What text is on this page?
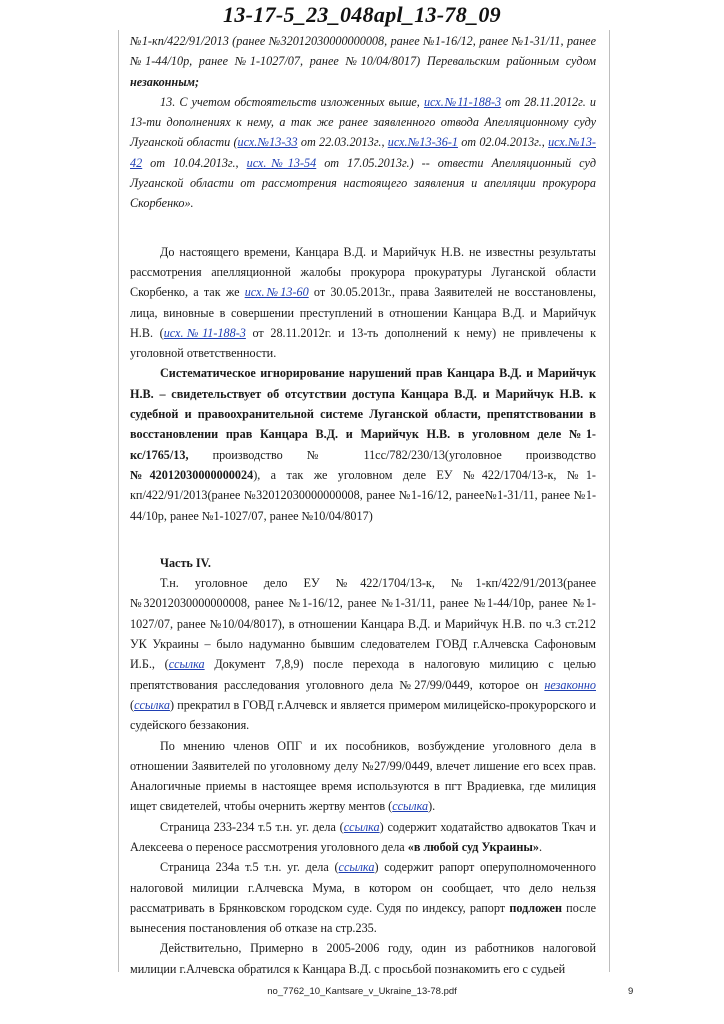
13-17-5_23_048apl_13-78_09

№1-кп/422/91/2013 (ранее №32012030000000008, ранее №1-16/12, ранее №1-31/11, ранее №1-44/10р, ранее №1-1027/07, ранее №10/04/8017) Перевальским районным судом незаконным;

13. С учетом обстоятельств изложенных выше, исх.№11-188-3 от 28.11.2012г. и 13-ти дополнениях к нему, а так же ранее заявленного отвода Апелляционному суду Луганской области (исх.№13-33 от 22.03.2013г., исх.№13-36-1 от 02.04.2013г., исх.№13-42 от 10.04.2013г., исх.№13-54 от 17.05.2013г.) -- отвести Апелляционный суд Луганской области от рассмотрения настоящего заявления и апелляции прокурора Скорбенко».

До настоящего времени, Канцара В.Д. и Марийчук Н.В. не известны результаты рассмотрения апелляционной жалобы прокурора прокуратуры Луганской области Скорбенко, а так же исх.№13-60 от 30.05.2013г., права Заявителей не восстановлены, лица, виновные в совершении преступлений в отношении Канцара В.Д. и Марийчук Н.В. (исх.№11-188-3 от 28.11.2012г. и 13-ть дополнений к нему) не привлечены к уголовной ответственности.

Систематическое игнорирование нарушений прав Канцара В.Д. и Марийчук Н.В. – свидетельствует об отсутствии доступа Канцара В.Д. и Марийчук Н.В. к судебной и правоохранительной системе Луганской области, препятствовании в восстановлении прав Канцара В.Д. и Марийчук Н.В. в уголовном деле №1-кс/1765/13, производство № 11сс/782/230/13(уголовное производство №42012030000000024), а так же уголовном деле ЕУ №422/1704/13-к, №1-кп/422/91/2013(ранее №32012030000000008, ранее №1-16/12, ранее№1-31/11, ранее №1-44/10р, ранее №1-1027/07, ранее №10/04/8017)

Часть IV.

Т.н. уголовное дело ЕУ №422/1704/13-к, №1-кп/422/91/2013(ранее №32012030000000008, ранее №1-16/12, ранее №1-31/11, ранее №1-44/10р, ранее №1-1027/07, ранее №10/04/8017), в отношении Канцара В.Д. и Марийчук Н.В. по ч.3 ст.212 УК Украины – было надуманно бывшим следователем ГОВД г.Алчевска Сафоновым И.Б., (ссылка Документ 7,8,9) после перехода в налоговую милицию с целью препятствования расследования уголовного дела №27/99/0449, которое он незаконно (ссылка) прекратил в ГОВД г.Алчевск и является примером милицейско-прокурорского и судейского беззакония.

По мнению членов ОПГ и их пособников, возбуждение уголовного дела в отношении Заявителей по уголовному делу №27/99/0449, влечет лишение его всех прав. Аналогичные приемы в настоящее время используются в пгт Врадиевка, где милиция ищет свидетелей, чтобы очернить жертву ментов (ссылка).

Страница 233-234 т.5 т.н. уг. дела (ссылка) содержит ходатайство адвокатов Ткач и Алексеева о переносе рассмотрения уголовного дела «в любой суд Украины».

Страница 234а т.5 т.н. уг. дела (ссылка) содержит рапорт оперуполномоченного налоговой милиции г.Алчевска Мума, в котором он сообщает, что дело нельзя рассматривать в Брянковском городском суде. Судя по индексу, рапорт подложен после вынесения постановления об отказе на стр.235.

Действительно, Примерно в 2005-2006 году, один из работников налоговой милиции г.Алчевска обратился к Канцара В.Д. с просьбой познакомить его с судьей

no_7762_10_Kantsare_v_Ukraine_13-78.pdf	9
